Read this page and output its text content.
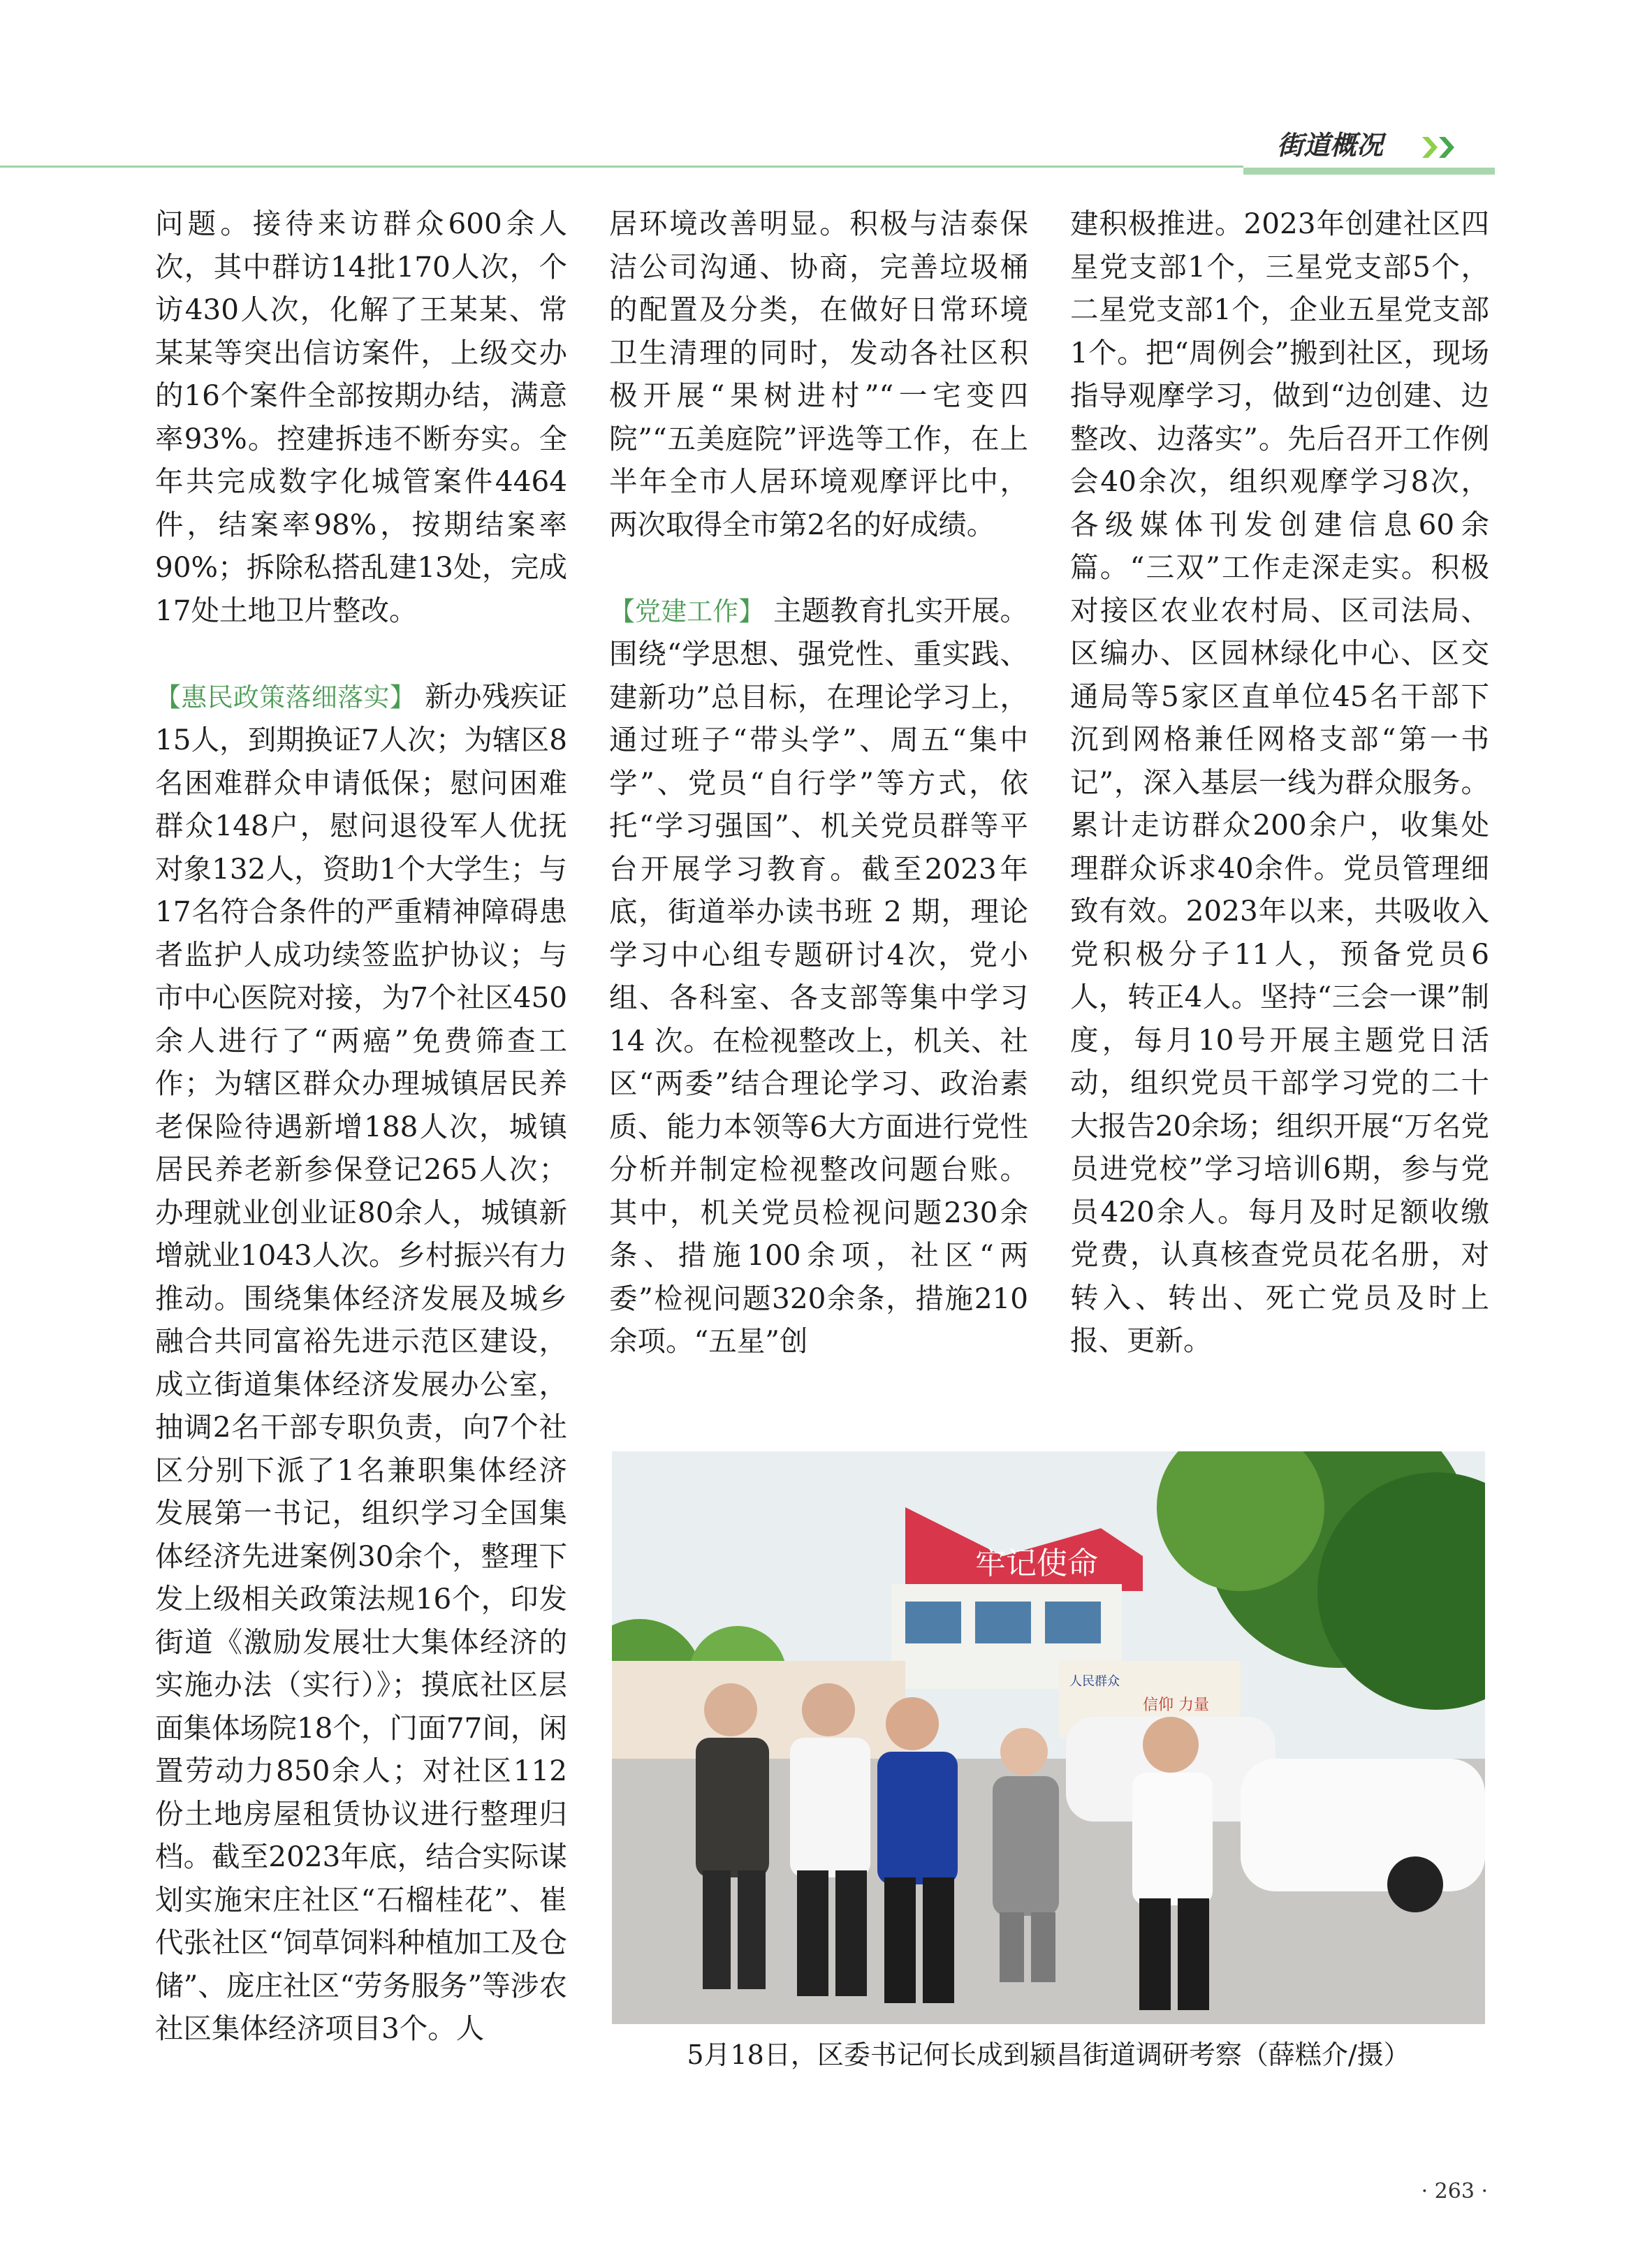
街道概况

问题。接待来访群众600余人次，其中群访14批170人次，个访430人次，化解了王某某、常某某等突出信访案件，上级交办的16个案件全部按期办结，满意率93%。控建拆违不断夯实。全年共完成数字化城管案件4464件，结案率98%，按期结案率90%；拆除私搭乱建13处，完成17处土地卫片整改。

【惠民政策落细落实】 新办残疾证15人，到期换证7人次；为辖区8名困难群众申请低保；慰问困难群众148户，慰问退役军人优抚对象132人，资助1个大学生；与17名符合条件的严重精神障碍患者监护人成功续签监护协议；与市中心医院对接，为7个社区450余人进行了“两癌”免费筛查工作；为辖区群众办理城镇居民养老保险待遇新增188人次，城镇居民养老新参保登记265人次；办理就业创业证80余人，城镇新增就业1043人次。乡村振兴有力推动。围绕集体经济发展及城乡融合共同富裕先进示范区建设，成立街道集体经济发展办公室，抽调2名干部专职负责，向7个社区分别下派了1名兼职集体经济发展第一书记，组织学习全国集体经济先进案例30余个，整理下发上级相关政策法规16个，印发街道《激励发展壮大集体经济的实施办法（实行）》；摸底社区层面集体场院18个，门面77间，闲置劳动力850余人；对社区112份土地房屋租赁协议进行整理归档。截至2023年底，结合实际谋划实施宋庄社区“石榴桂花”、崔代张社区“饲草饲料种植加工及仓储”、庞庄社区“劳务服务”等涉农社区集体经济项目3个。人

居环境改善明显。积极与洁泰保洁公司沟通、协商，完善垃圾桶的配置及分类，在做好日常环境卫生清理的同时，发动各社区积极开展“果树进村”“一宅变四院”“五美庭院”评选等工作，在上半年全市人居环境观摩评比中，两次取得全市第2名的好成绩。

【党建工作】 主题教育扎实开展。围绕“学思想、强党性、重实践、建新功”总目标，在理论学习上，通过班子“带头学”、周五“集中学”、党员“自行学”等方式，依托“学习强国”、机关党员群等平台开展学习教育。截至2023年底，街道举办读书班 2 期，理论学习中心组专题研讨4次，党小组、各科室、各支部等集中学习 14 次。在检视整改上，机关、社区“两委”结合理论学习、政治素质、能力本领等6大方面进行党性分析并制定检视整改问题台账。其中，机关党员检视问题230余条、措施100余项，社区“两委”检视问题320余条，措施210余项。“五星”创

建积极推进。2023年创建社区四星党支部1个，三星党支部5个，二星党支部1个，企业五星党支部1个。把“周例会”搬到社区，现场指导观摩学习，做到“边创建、边整改、边落实”。先后召开工作例会40余次，组织观摩学习8次，各级媒体刊发创建信息60余篇。“三双”工作走深走实。积极对接区农业农村局、区司法局、区编办、区园林绿化中心、区交通局等5家区直单位45名干部下沉到网格兼任网格支部“第一书记”，深入基层一线为群众服务。累计走访群众200余户，收集处理群众诉求40余件。党员管理细致有效。2023年以来，共吸收入党积极分子11人，预备党员6人，转正4人。坚持“三会一课”制度，每月10号开展主题党日活动，组织党员干部学习党的二十大报告20余场；组织开展“万名党员进党校”学习培训6期，参与党员420余人。每月及时足额收缴党费，认真核查党员花名册，对转入、转出、死亡党员及时上报、更新。

牢记使命
人民群众
信仰 力量
5月18日，区委书记何长成到颍昌街道调研考察（薛糕介/摄）
· 263 ·
